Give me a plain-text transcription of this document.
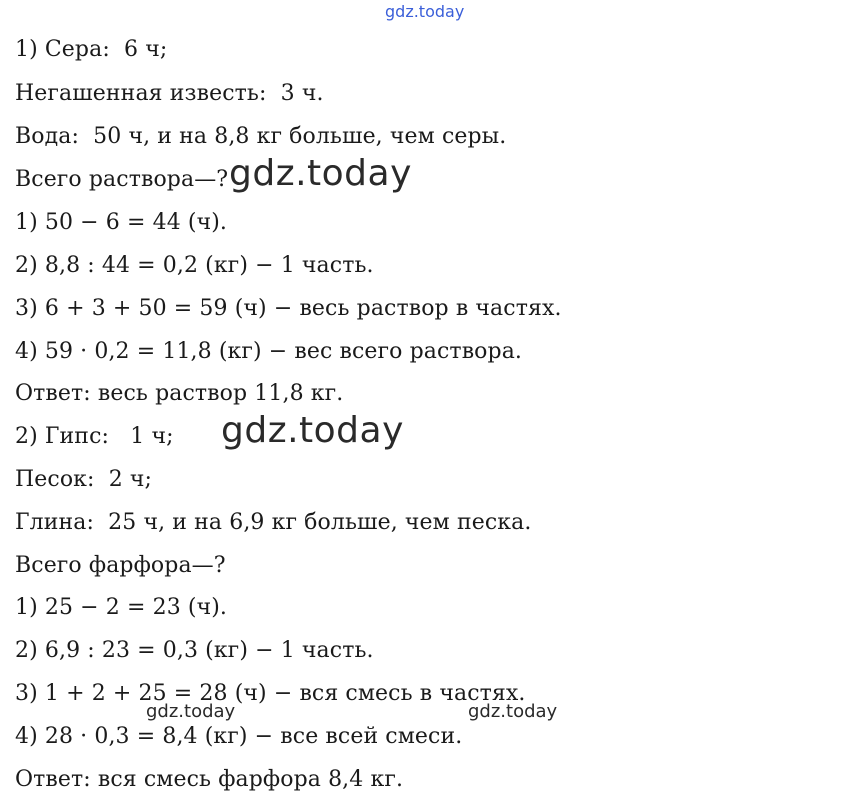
gdz.today
1) Сера:  6 ч;
Негашенная известь:  3 ч.
Вода:  50 ч, и на 8,8 кг больше, чем серы.
Всего раствора—? gdz.today
1) 50 − 6 = 44 (ч).
2) 8,8 : 44 = 0,2 (кг) − 1 часть.
3) 6 + 3 + 50 = 59 (ч) − весь раствор в частях.
4) 59 · 0,2 = 11,8 (кг) − вес всего раствора.
Ответ: весь раствор 11,8 кг.
2) Гипс:   1 ч; gdz.today
Песок:  2 ч;
Глина:  25 ч, и на 6,9 кг больше, чем песка.
Всего фарфора—?
1) 25 − 2 = 23 (ч).
2) 6,9 : 23 = 0,3 (кг) − 1 часть.
3) 1 + 2 + 25 = 28 (ч) − вся смесь в частях.
gdz.today	gdz.today
4) 28 · 0,3 = 8,4 (кг) − все всей смеси.
Ответ: вся смесь фарфора 8,4 кг.
